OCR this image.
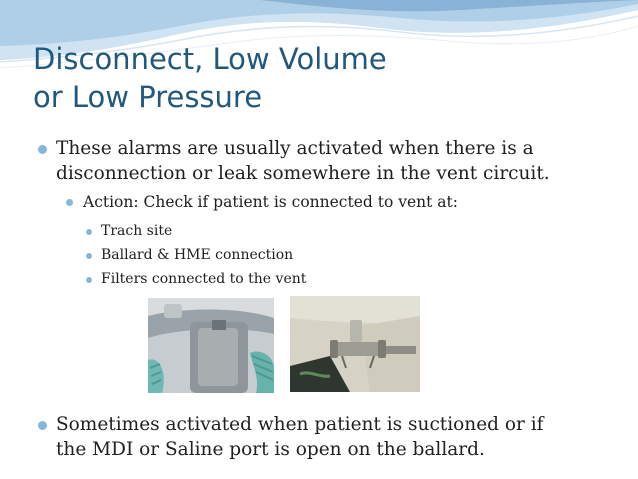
Disconnect, Low Volume
or Low Pressure
These alarms are usually activated when there is a
disconnection or leak somewhere in the vent circuit.
Action: Check if patient is connected to vent at:
Trach site
Ballard & HME connection
Filters connected to the vent
Sometimes activated when patient is suctioned or if
the MDI or Saline port is open on the ballard.
